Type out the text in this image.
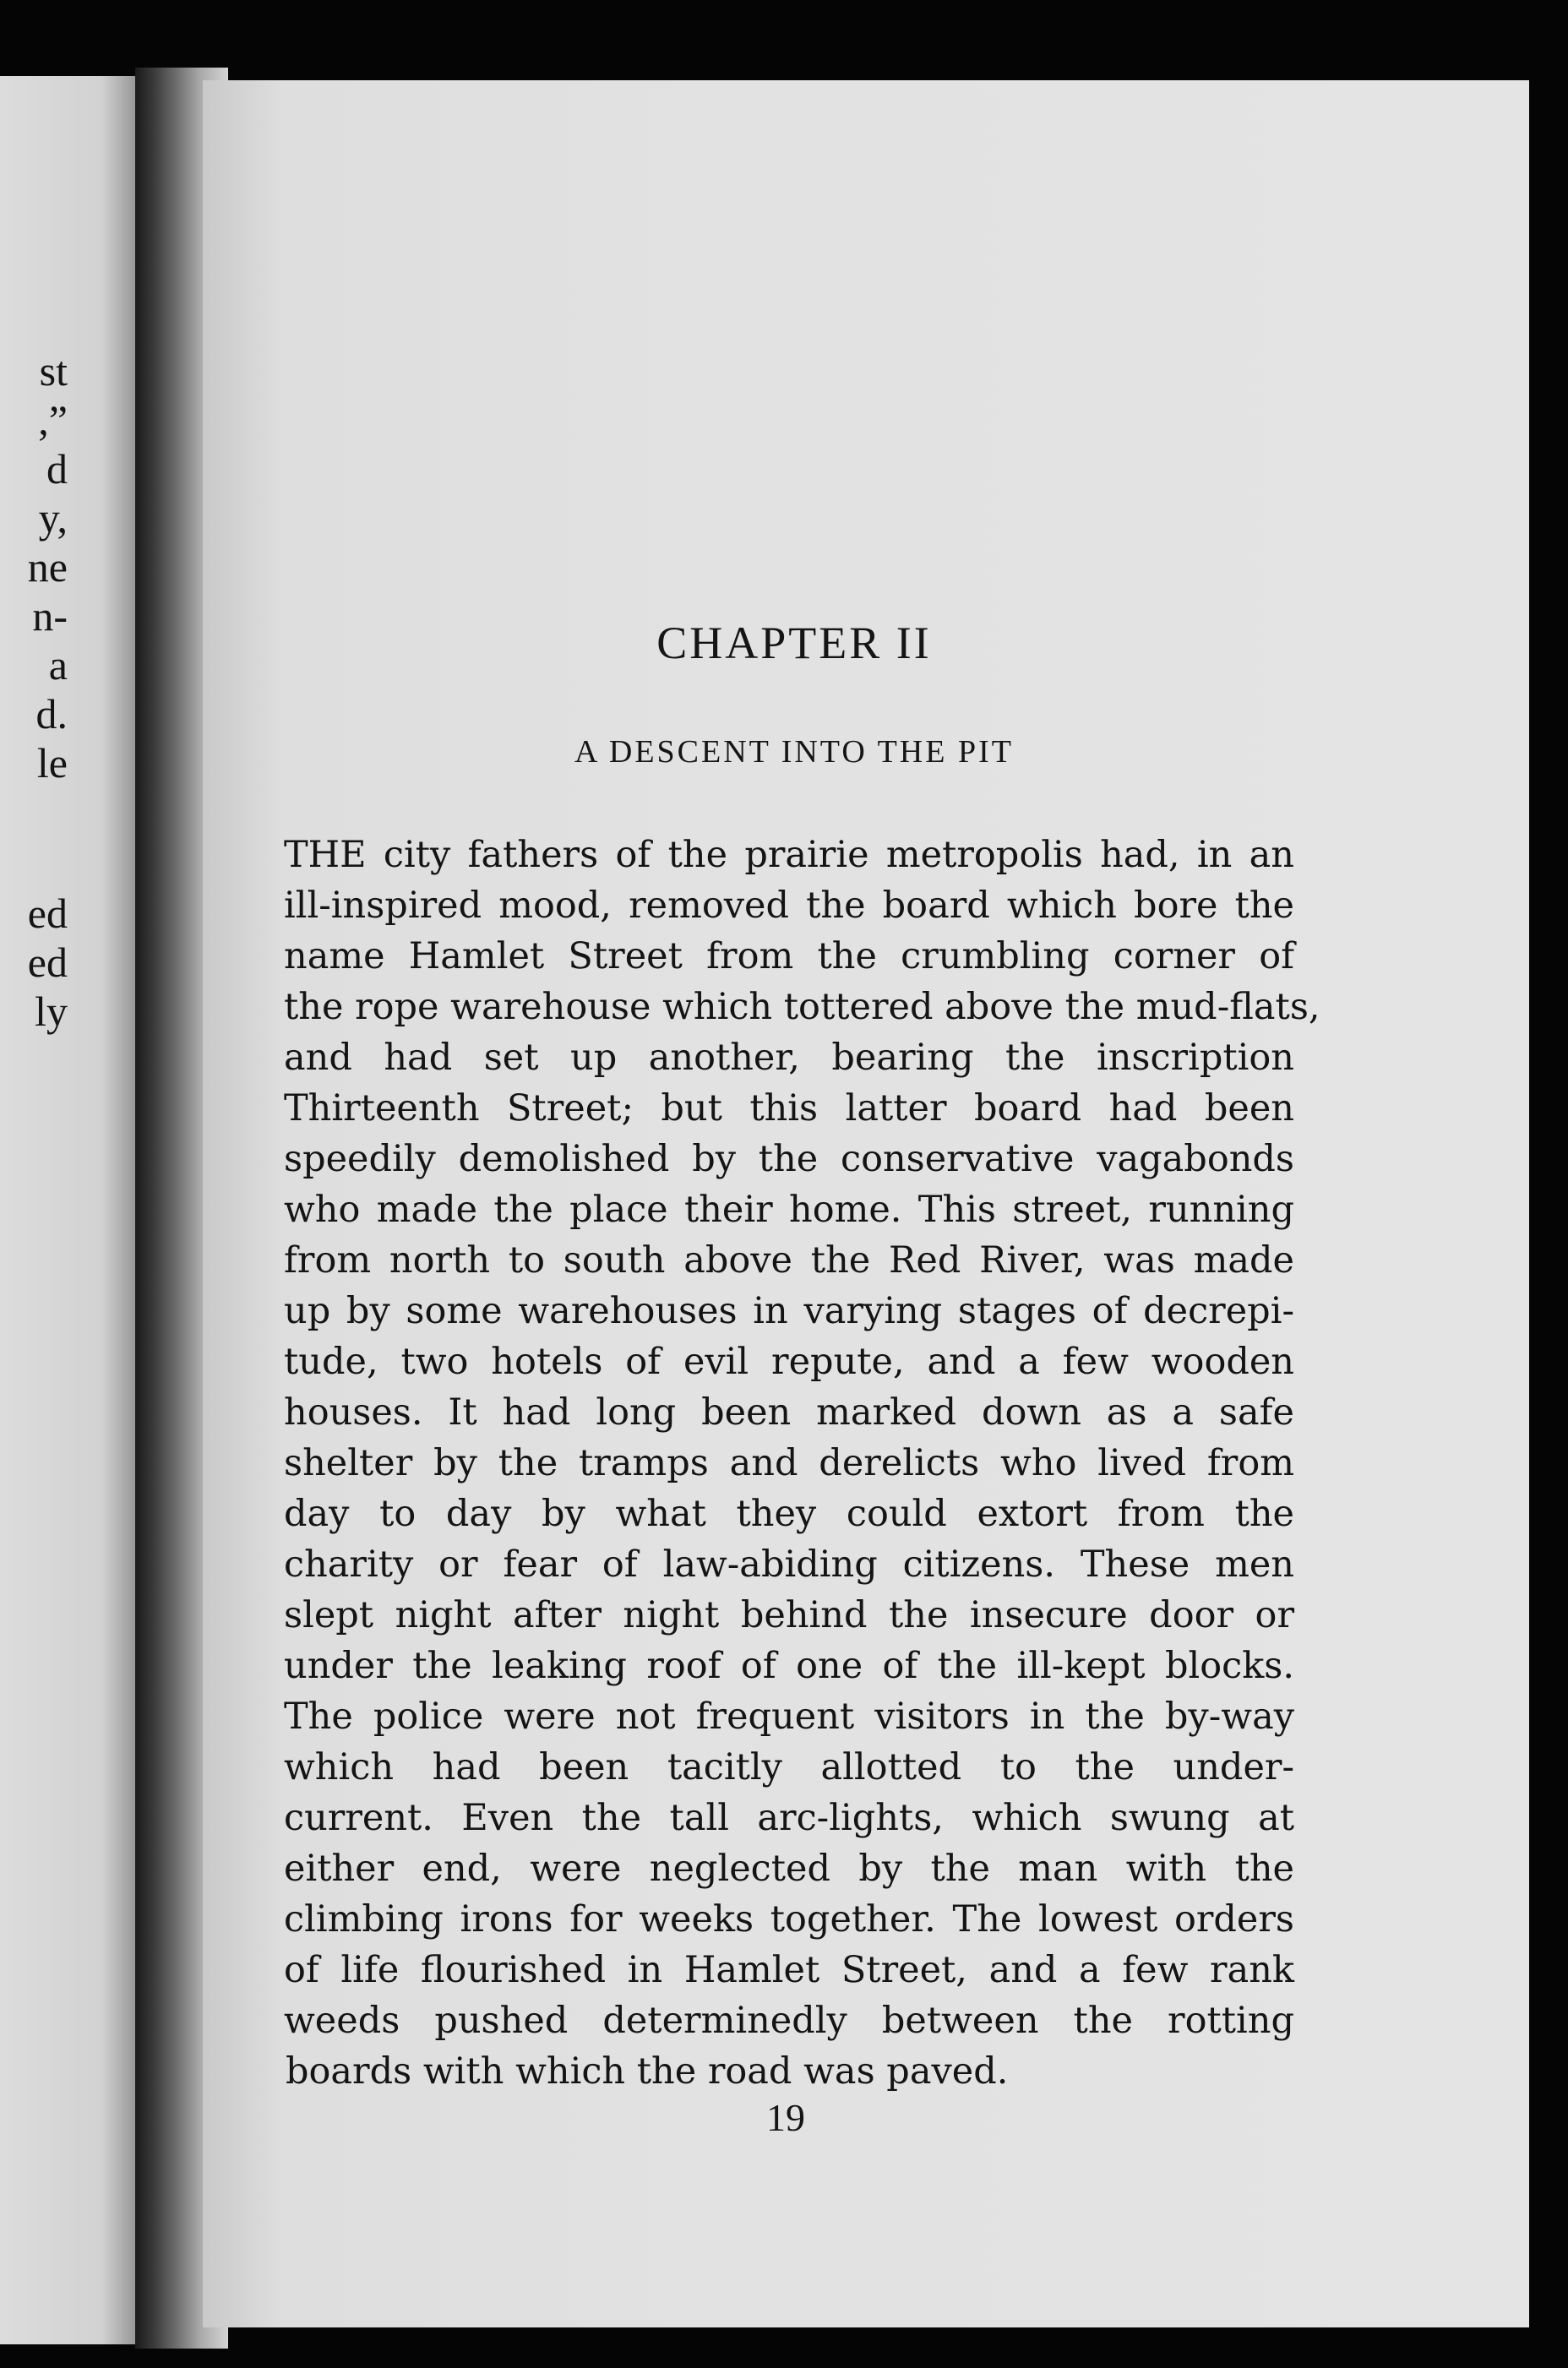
st
,”
d
y,
ne
n-
a
d.
le
ed
ed
ly
CHAPTER II
A DESCENT INTO THE PIT
THE city fathers of the prairie metropolis had, in an
ill-inspired mood, removed the board which bore the
name Hamlet Street from the crumbling corner of
the rope warehouse which tottered above the mud-flats,
and had set up another, bearing the inscription
Thirteenth Street; but this latter board had been
speedily demolished by the conservative vagabonds
who made the place their home. This street, running
from north to south above the Red River, was made
up by some warehouses in varying stages of decrepi-
tude, two hotels of evil repute, and a few wooden
houses. It had long been marked down as a safe
shelter by the tramps and derelicts who lived from
day to day by what they could extort from the
charity or fear of law-abiding citizens. These men
slept night after night behind the insecure door or
under the leaking roof of one of the ill-kept blocks.
The police were not frequent visitors in the by-way
which had been tacitly allotted to the under-
current. Even the tall arc-lights, which swung at
either end, were neglected by the man with the
climbing irons for weeks together. The lowest orders
of life flourished in Hamlet Street, and a few rank
weeds pushed determinedly between the rotting
boards with which the road was paved.
19
